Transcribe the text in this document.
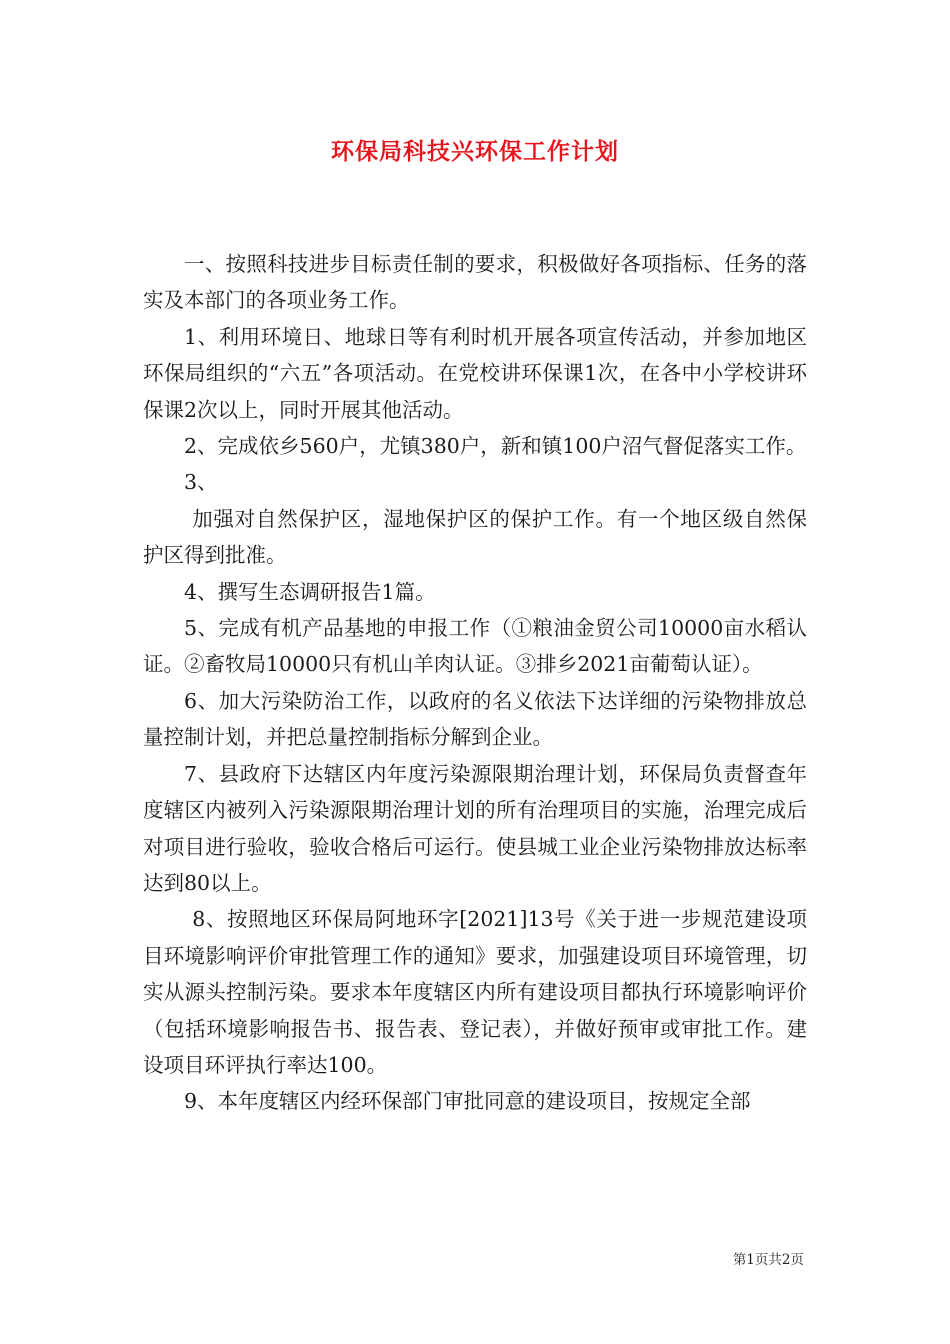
环保局科技兴环保工作计划

一、按照科技进步目标责任制的要求，积极做好各项指标、任务的落实及本部门的各项业务工作。

1、利用环境日、地球日等有利时机开展各项宣传活动，并参加地区环保局组织的“六五”各项活动。在党校讲环保课1次，在各中小学校讲环保课2次以上，同时开展其他活动。

2、完成依乡560户，尤镇380户，新和镇100户沼气督促落实工作。

3、

加强对自然保护区，湿地保护区的保护工作。有一个地区级自然保护区得到批准。

4、撰写生态调研报告1篇。

5、完成有机产品基地的申报工作（①粮油金贸公司10000亩水稻认证。②畜牧局10000只有机山羊肉认证。③排乡2021亩葡萄认证）。

6、加大污染防治工作，以政府的名义依法下达详细的污染物排放总量控制计划，并把总量控制指标分解到企业。

7、县政府下达辖区内年度污染源限期治理计划，环保局负责督查年度辖区内被列入污染源限期治理计划的所有治理项目的实施，治理完成后对项目进行验收，验收合格后可运行。使县城工业企业污染物排放达标率达到80以上。

8、按照地区环保局阿地环字[2021]13号《关于进一步规范建设项目环境影响评价审批管理工作的通知》要求，加强建设项目环境管理，切实从源头控制污染。要求本年度辖区内所有建设项目都执行环境影响评价（包括环境影响报告书、报告表、登记表），并做好预审或审批工作。建设项目环评执行率达100。

9、本年度辖区内经环保部门审批同意的建设项目，按规定全部

第1页共2页
